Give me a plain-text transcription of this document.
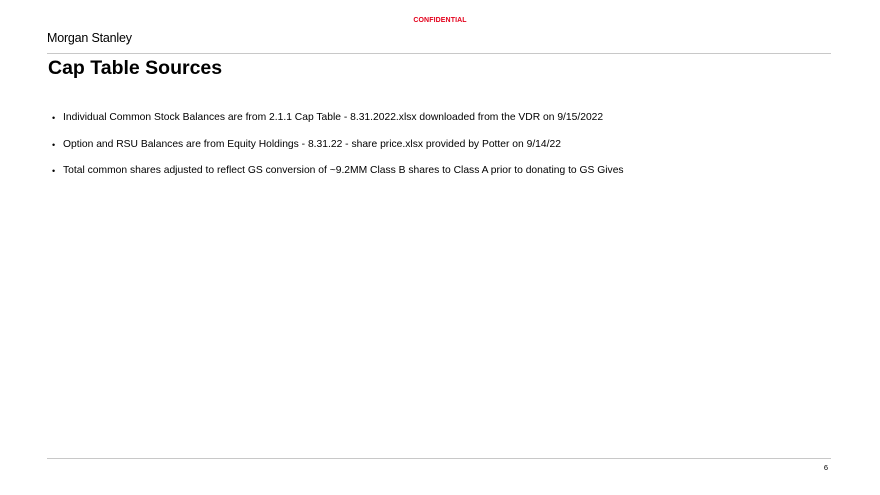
CONFIDENTIAL
Morgan Stanley
Cap Table Sources
• Individual Common Stock Balances are from 2.1.1 Cap Table - 8.31.2022.xlsx downloaded from the VDR on 9/15/2022
• Option and RSU Balances are from Equity Holdings - 8.31.22 - share price.xlsx provided by Potter on 9/14/22
• Total common shares adjusted to reflect GS conversion of ~9.2MM Class B shares to Class A prior to donating to GS Gives
6
